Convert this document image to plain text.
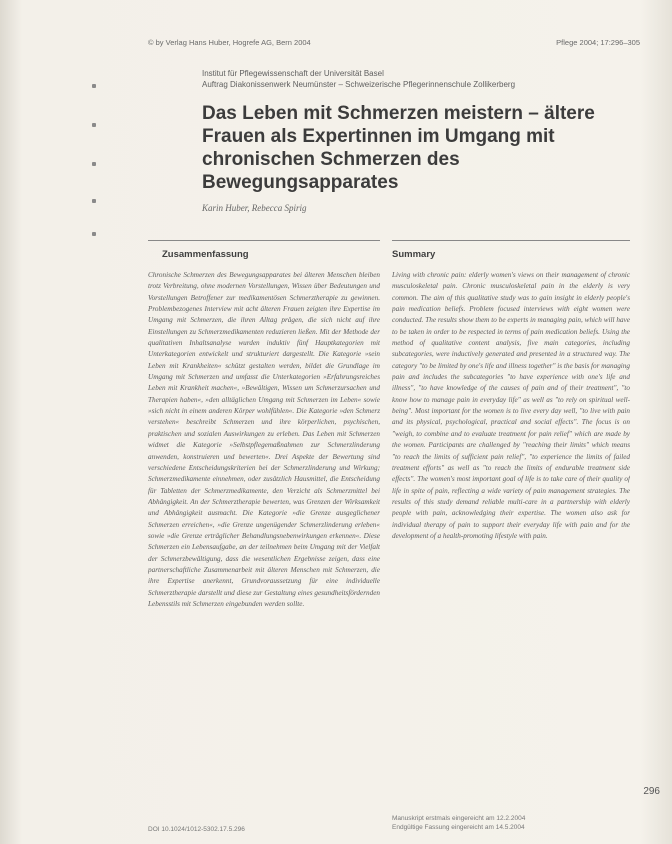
© by Verlag Hans Huber, Hogrefe AG, Bern 2004	Pflege 2004; 17:296–305
Institut für Pflegewissenschaft der Universität Basel
Auftrag Diakonissenwerk Neumünster – Schweizerische Pflegerinnenschule Zollikerberg
Das Leben mit Schmerzen meistern – ältere Frauen als Expertinnen im Umgang mit chronischen Schmerzen des Bewegungsapparates
Karin Huber, Rebecca Spirig
Zusammenfassung	Summary

Chronische Schmerzen des Bewegungsapparates bei älteren Menschen bleiben trotz Verbreitung, ohne modernen Vorstellungen, Wissen über Bedeutungen und Vorstellungen Betroffener zur medikamentösen Schmerztherapie zu gewinnen. Problembezogenes Interview mit acht älteren Frauen zeigten ihre Expertise im Umgang mit Schmerzen, die ihren Alltag prägen, die sich nicht auf ihre Einstellungen zu Schmerzmedikamenten reduzieren ließen. Mit der Methode der qualitativen Inhaltsanalyse wurden induktiv fünf Hauptkategorien mit Unterkategorien entwickelt und strukturiert dargestellt. Die Kategorie »sein Leben mit Krankheiten« schützt gestalten werden, bildet die Grundlage im Umgang mit Schmerzen und umfasst die Unterkategorien »Erfahrungsreiches Leben mit Krankheit machen«, »Bewältigen, Wissen um Schmerzursachen und Therapien haben«, »den alltäglichen Umgang mit Schmerzen im Leben« sowie »sich nicht in einem anderen Körper wohlfühlen«. Die Kategorie »den Schmerz verstehen« beschreibt Schmerzen und ihre körperlichen, psychischen, praktischen und sozialen Auswirkungen zu erleben. Das Leben mit Schmerzen widmet die Kategorie »Selbstpflegemaßnahmen zur Schmerzlinderung anwenden, konstruieren und bewerten«. Drei Aspekte der Bewertung sind verschiedene Entscheidungskriterien bei der Schmerzlinderung und Wirkung; Schmerzmedikamente einnehmen, oder zusätzlich Hausmittel, die Entscheidung für Tabletten der Schmerzmedikamente, den Verzicht als Schmerzmittel bei Abhängigkeit. An der Schmerztherapie bewerten, was Grenzen der Wirksamkeit und Abhängigkeit ausmacht. Die Kategorie »die Grenze ausgeglichener Schmerzen erreichen«, »die Grenze ungenügender Schmerzlinderung erleben« sowie »die Grenze erträglicher Behandlungsnebenwirkungen erkennen«. Diese Schmerzen ein Lebensaufgabe, an der teilnehmen beim Umgang mit der Vielfalt der Schmerzbewältigung, dass die wesentlichen Ergebnisse zeigen, dass eine partnerschaftliche Zusammenarbeit mit älteren Menschen mit Schmerzen, die ihre Expertise anerkennt, Grundvoraussetzung für eine individuelle Schmerztherapie darstellt und diese zur Gestaltung eines gesundheitsfördernden Lebensstils mit Schmerzen eingebunden werden sollte.

Living with chronic pain: elderly women's views on their management of chronic musculoskeletal pain. Chronic musculoskeletal pain in the elderly is very common. The aim of this qualitative study was to gain insight in elderly people's pain medication beliefs. Problem focused interviews with eight women were conducted. The results show them to be experts in managing pain, which will have to be taken in order to be respected in terms of pain medication beliefs. Using the method of qualitative content analysis, five main categories, including subcategories, were inductively generated and presented in a structured way. The category "to be limited by one's life and illness together" is the basis for managing pain and includes the subcategories "to have experience with one's life and illness", "to have knowledge of the causes of pain and of their treatment", "to know how to manage pain in everyday life" as well as "to rely on spiritual well-being". Most important for the women is to live every day well, "to live with pain and its physical, psychological, practical and social effects". The focus is on "weigh, to combine and to evaluate treatment for pain relief" which are made by the women. Participants are challenged by "reaching their limits" which means "to reach the limits of sufficient pain relief", "to experience the limits of failed treatment efforts" as well as "to reach the limits of endurable treatment side effects". The women's most important goal of life is to take care of their quality of life in spite of pain, reflecting a wide variety of pain management strategies. The results of this study demand reliable multi-care in a partnership with elderly people with pain, acknowledging their expertise. The women also ask for individual therapy of pain to support their everyday life with pain and for the development of a health-promoting lifestyle with pain.

DOI 10.1024/1012-5302.17.5.296
Manuskript erstmals eingereicht am 12.2.2004
Endgültige Fassung eingereicht am 14.5.2004
296
